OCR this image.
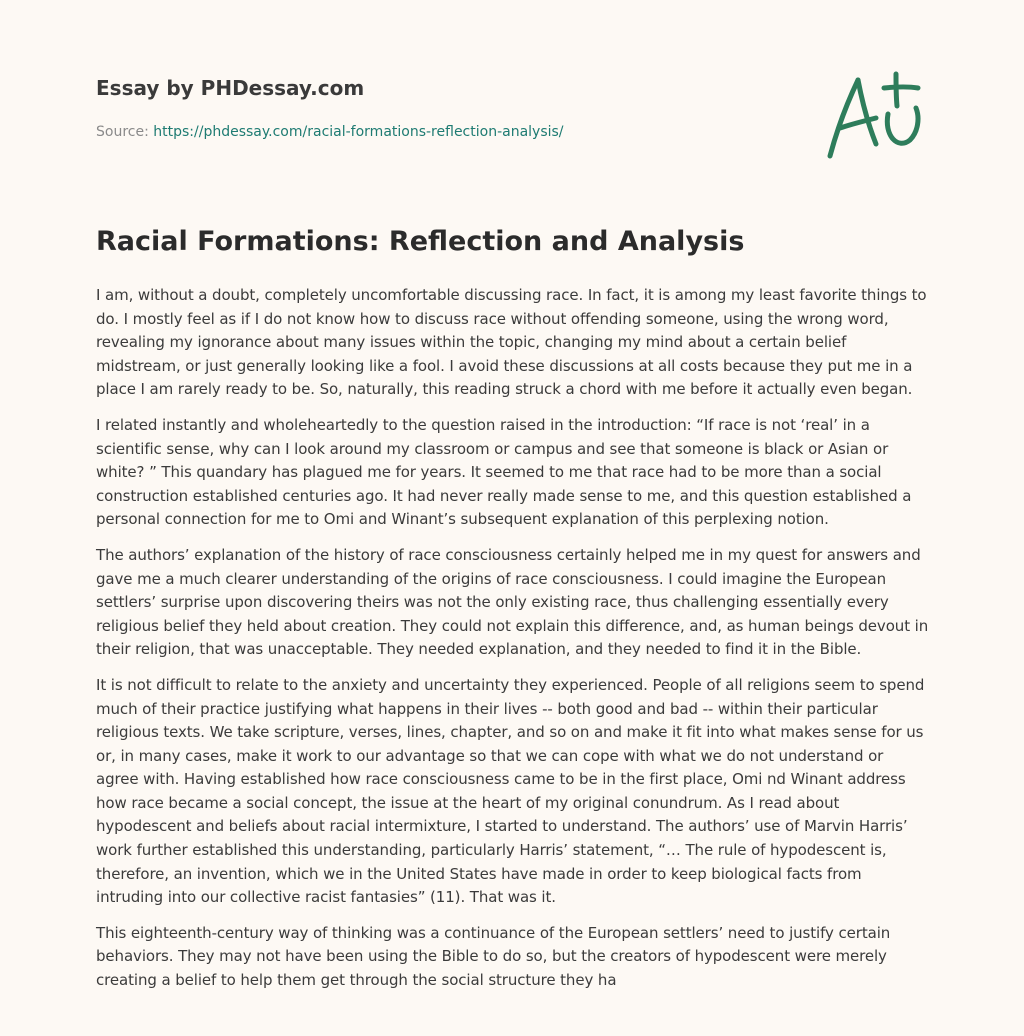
Essay by PHDessay.com
Source: https://phdessay.com/racial-formations-reflection-analysis/
Racial Formations: Reflection and Analysis

I am, without a doubt, completely uncomfortable discussing race. In fact, it is among my least favorite things to do. I mostly feel as if I do not know how to discuss race without offending someone, using the wrong word, revealing my ignorance about many issues within the topic, changing my mind about a certain belief midstream, or just generally looking like a fool. I avoid these discussions at all costs because they put me in a place I am rarely ready to be. So, naturally, this reading struck a chord with me before it actually even began.

I related instantly and wholeheartedly to the question raised in the introduction: “If race is not ‘real’ in a scientific sense, why can I look around my classroom or campus and see that someone is black or Asian or white? ” This quandary has plagued me for years. It seemed to me that race had to be more than a social construction established centuries ago. It had never really made sense to me, and this question established a personal connection for me to Omi and Winant’s subsequent explanation of this perplexing notion.

The authors’ explanation of the history of race consciousness certainly helped me in my quest for answers and gave me a much clearer understanding of the origins of race consciousness. I could imagine the European settlers’ surprise upon discovering theirs was not the only existing race, thus challenging essentially every religious belief they held about creation. They could not explain this difference, and, as human beings devout in their religion, that was unacceptable. They needed explanation, and they needed to find it in the Bible.

It is not difficult to relate to the anxiety and uncertainty they experienced. People of all religions seem to spend much of their practice justifying what happens in their lives -- both good and bad -- within their particular religious texts. We take scripture, verses, lines, chapter, and so on and make it fit into what makes sense for us or, in many cases, make it work to our advantage so that we can cope with what we do not understand or agree with. Having established how race consciousness came to be in the first place, Omi nd Winant address how race became a social concept, the issue at the heart of my original conundrum. As I read about hypodescent and beliefs about racial intermixture, I started to understand. The authors’ use of Marvin Harris’ work further established this understanding, particularly Harris’ statement, “… The rule of hypodescent is, therefore, an invention, which we in the United States have made in order to keep biological facts from intruding into our collective racist fantasies” (11). That was it.

This eighteenth-century way of thinking was a continuance of the European settlers’ need to justify certain behaviors. They may not have been using the Bible to do so, but the creators of hypodescent were merely creating a belief to help them get through the social structure they ha
